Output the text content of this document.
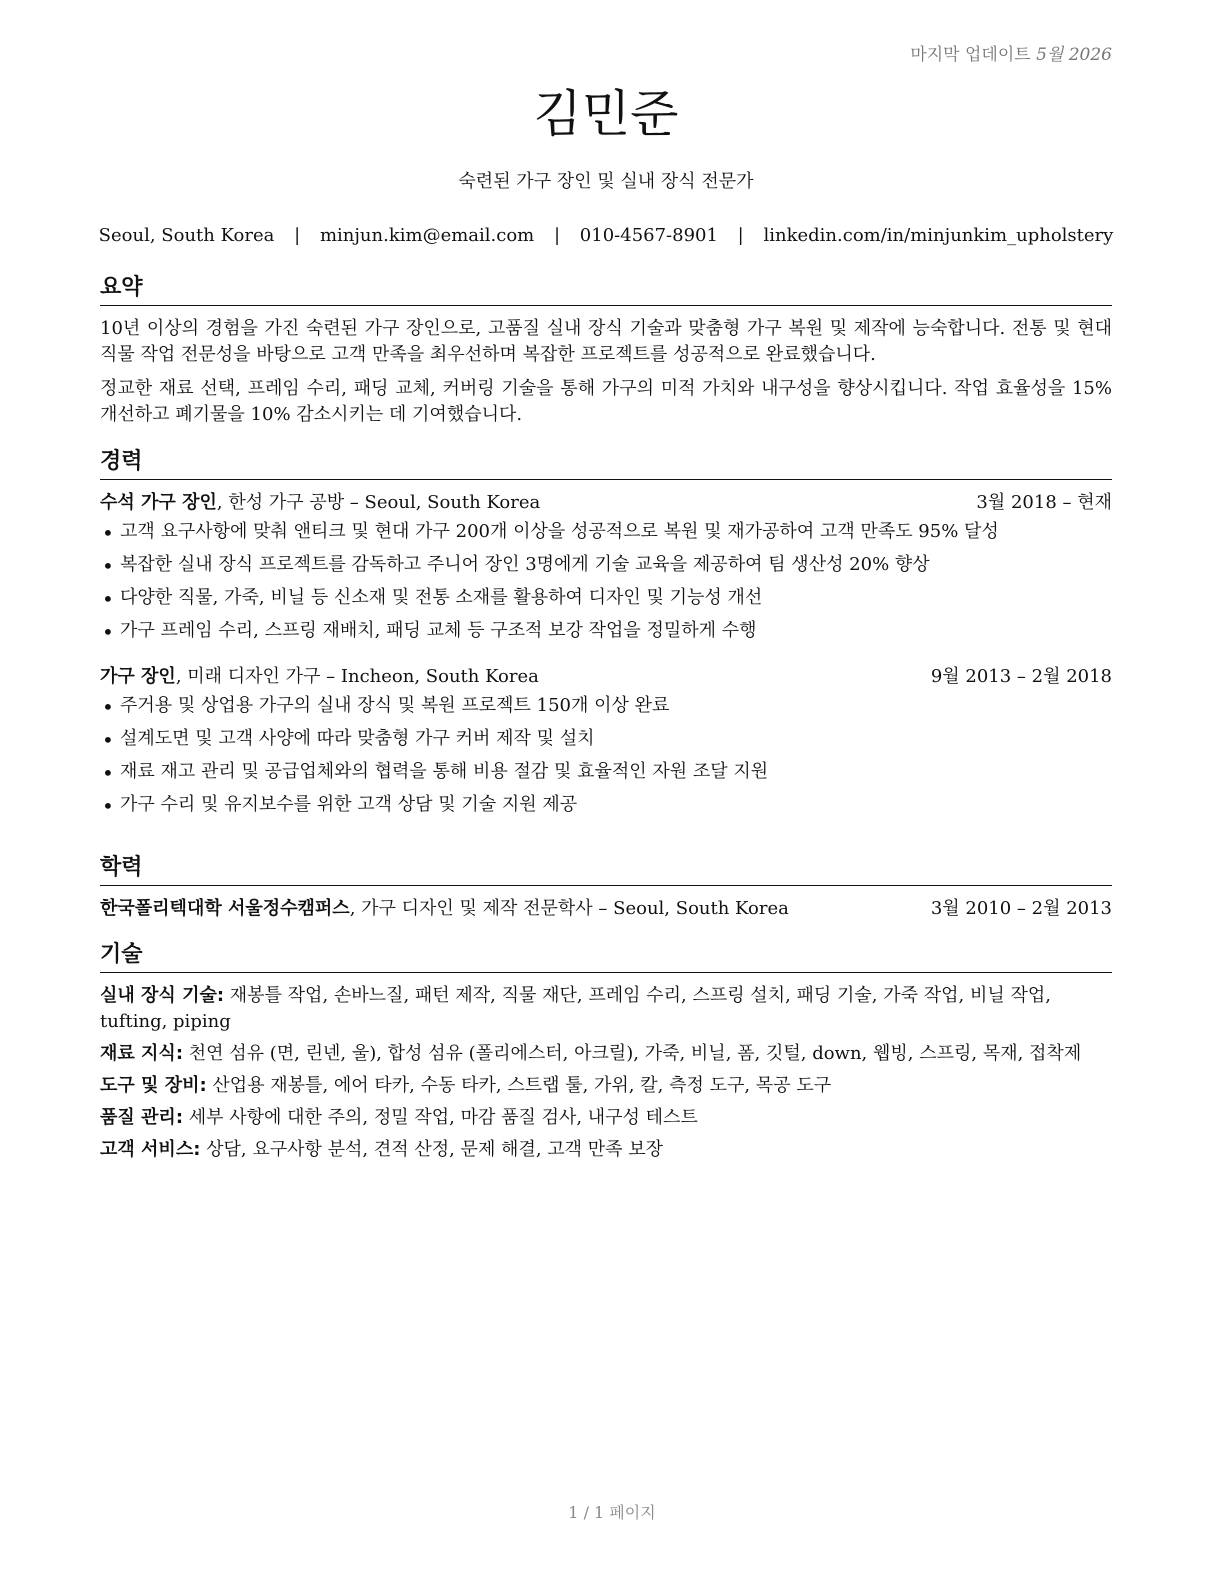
마지막 업데이트 5월 2026
김민준
숙련된 가구 장인 및 실내 장식 전문가
Seoul, South Korea | minjun.kim@email.com | 010-4567-8901 | linkedin.com/in/minjunkim_upholstery
요약

10년 이상의 경험을 가진 숙련된 가구 장인으로, 고품질 실내 장식 기술과 맞춤형 가구 복원 및 제작에 능숙합니다. 전통 및 현대 직물 작업 전문성을 바탕으로 고객 만족을 최우선하며 복잡한 프로젝트를 성공적으로 완료했습니다.

정교한 재료 선택, 프레임 수리, 패딩 교체, 커버링 기술을 통해 가구의 미적 가치와 내구성을 향상시킵니다. 작업 효율성을 15% 개선하고 폐기물을 10% 감소시키는 데 기여했습니다.

경력
수석 가구 장인, 한성 가구 공방 – Seoul, South Korea	3월 2018 – 현재
• 고객 요구사항에 맞춰 앤티크 및 현대 가구 200개 이상을 성공적으로 복원 및 재가공하여 고객 만족도 95% 달성
• 복잡한 실내 장식 프로젝트를 감독하고 주니어 장인 3명에게 기술 교육을 제공하여 팀 생산성 20% 향상
• 다양한 직물, 가죽, 비닐 등 신소재 및 전통 소재를 활용하여 디자인 및 기능성 개선
• 가구 프레임 수리, 스프링 재배치, 패딩 교체 등 구조적 보강 작업을 정밀하게 수행
가구 장인, 미래 디자인 가구 – Incheon, South Korea	9월 2013 – 2월 2018
• 주거용 및 상업용 가구의 실내 장식 및 복원 프로젝트 150개 이상 완료
• 설계도면 및 고객 사양에 따라 맞춤형 가구 커버 제작 및 설치
• 재료 재고 관리 및 공급업체와의 협력을 통해 비용 절감 및 효율적인 자원 조달 지원
• 가구 수리 및 유지보수를 위한 고객 상담 및 기술 지원 제공
학력
한국폴리텍대학 서울정수캠퍼스, 가구 디자인 및 제작 전문학사 – Seoul, South Korea	3월 2010 – 2월 2013
기술
실내 장식 기술: 재봉틀 작업, 손바느질, 패턴 제작, 직물 재단, 프레임 수리, 스프링 설치, 패딩 기술, 가죽 작업, 비닐 작업, tufting, piping
재료 지식: 천연 섬유 (면, 린넨, 울), 합성 섬유 (폴리에스터, 아크릴), 가죽, 비닐, 폼, 깃털, down, 웹빙, 스프링, 목재, 접착제
도구 및 장비: 산업용 재봉틀, 에어 타카, 수동 타카, 스트랩 툴, 가위, 칼, 측정 도구, 목공 도구
품질 관리: 세부 사항에 대한 주의, 정밀 작업, 마감 품질 검사, 내구성 테스트
고객 서비스: 상담, 요구사항 분석, 견적 산정, 문제 해결, 고객 만족 보장
1 / 1 페이지
